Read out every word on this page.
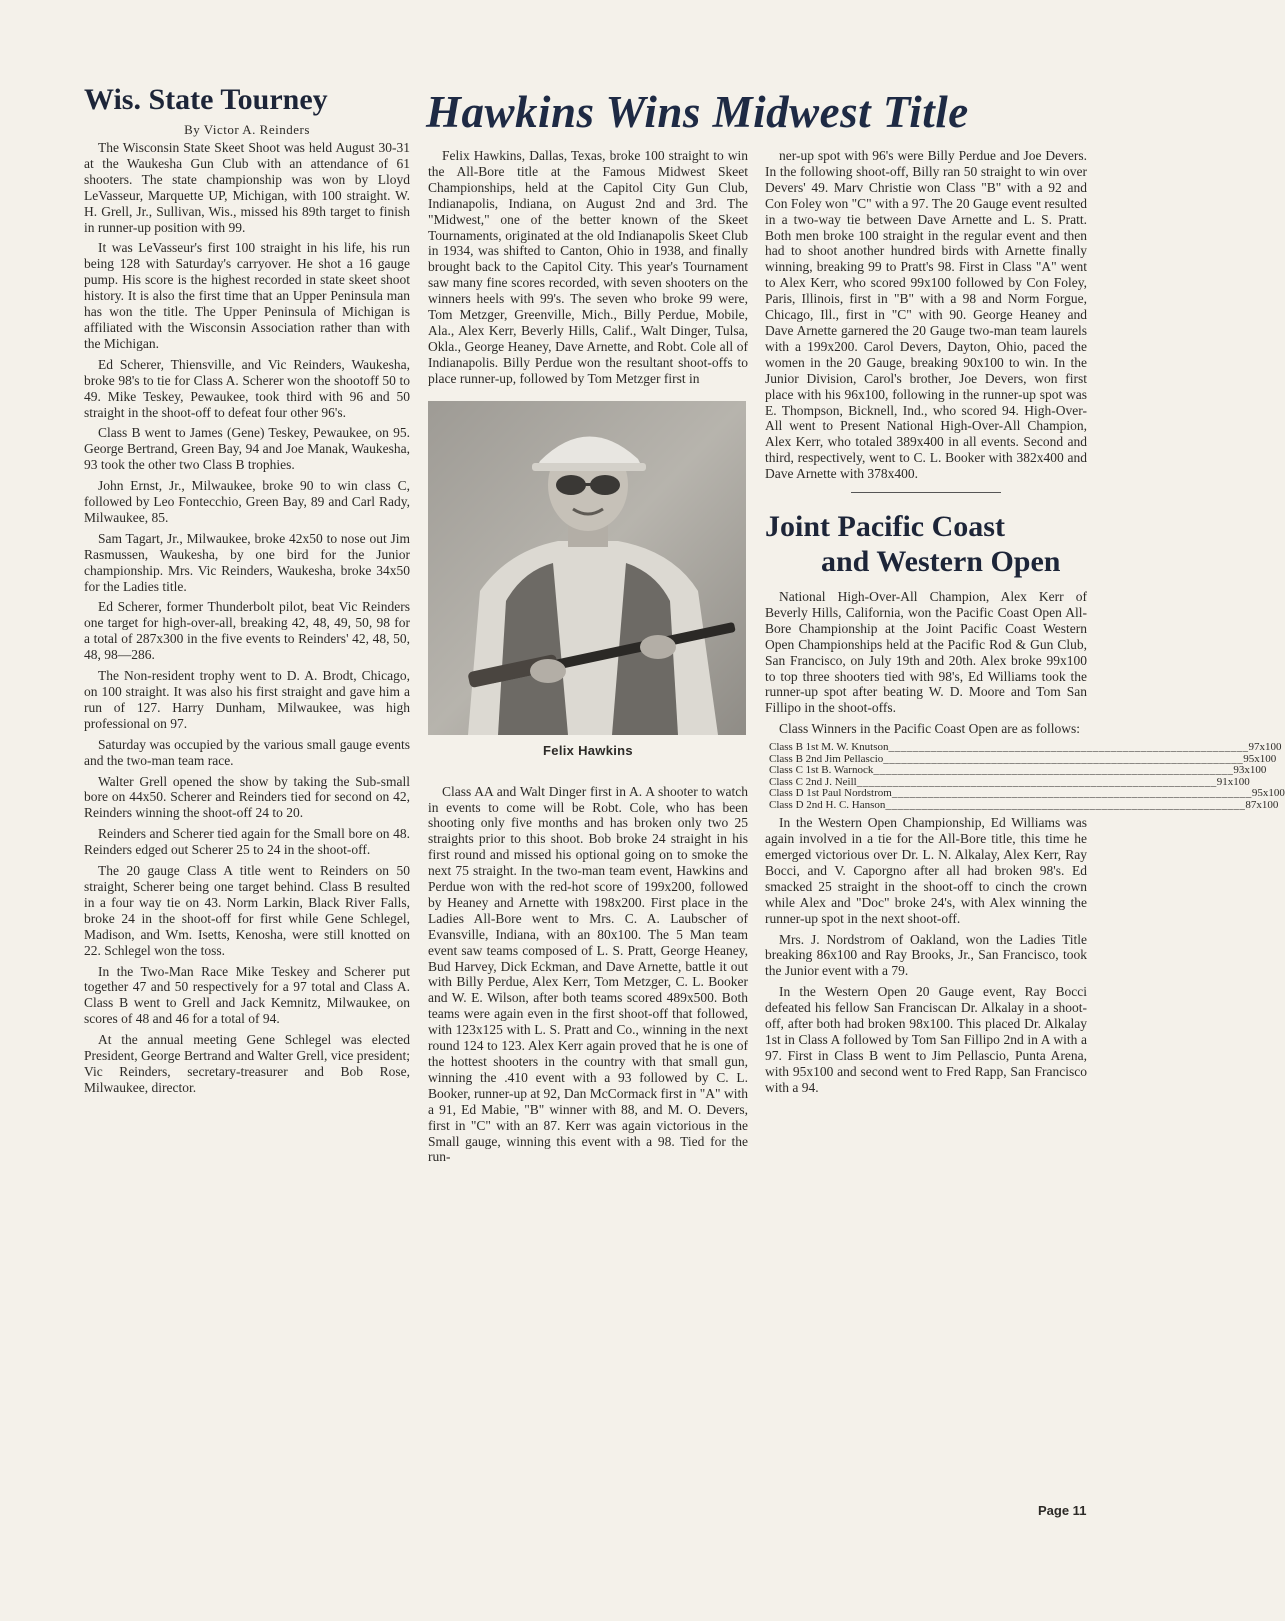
Hawkins Wins Midwest Title
Wis. State Tourney
By Victor A. Reinders

The Wisconsin State Skeet Shoot was held August 30-31 at the Waukesha Gun Club with an attendance of 61 shooters. The state championship was won by Lloyd LeVasseur, Marquette UP, Michigan, with 100 straight. W. H. Grell, Jr., Sullivan, Wis., missed his 89th target to finish in runner-up position with 99.

It was LeVasseur's first 100 straight in his life, his run being 128 with Saturday's carryover. He shot a 16 gauge pump. His score is the highest recorded in state skeet shoot history. It is also the first time that an Upper Peninsula man has won the title. The Upper Peninsula of Michigan is affiliated with the Wisconsin Association rather than with the Michigan.

Ed Scherer, Thiensville, and Vic Reinders, Waukesha, broke 98's to tie for Class A. Scherer won the shootoff 50 to 49. Mike Teskey, Pewaukee, took third with 96 and 50 straight in the shoot-off to defeat four other 96's.

Class B went to James (Gene) Teskey, Pewaukee, on 95. George Bertrand, Green Bay, 94 and Joe Manak, Waukesha, 93 took the other two Class B trophies.

John Ernst, Jr., Milwaukee, broke 90 to win class C, followed by Leo Fontecchio, Green Bay, 89 and Carl Rady, Milwaukee, 85.

Sam Tagart, Jr., Milwaukee, broke 42x50 to nose out Jim Rasmussen, Waukesha, by one bird for the Junior championship. Mrs. Vic Reinders, Waukesha, broke 34x50 for the Ladies title.

Ed Scherer, former Thunderbolt pilot, beat Vic Reinders one target for high-over-all, breaking 42, 48, 49, 50, 98 for a total of 287x300 in the five events to Reinders' 42, 48, 50, 48, 98—286.

The Non-resident trophy went to D. A. Brodt, Chicago, on 100 straight. It was also his first straight and gave him a run of 127. Harry Dunham, Milwaukee, was high professional on 97.

Saturday was occupied by the various small gauge events and the two-man team race.

Walter Grell opened the show by taking the Sub-small bore on 44x50. Scherer and Reinders tied for second on 42, Reinders winning the shoot-off 24 to 20.

Reinders and Scherer tied again for the Small bore on 48. Reinders edged out Scherer 25 to 24 in the shoot-off.

The 20 gauge Class A title went to Reinders on 50 straight, Scherer being one target behind. Class B resulted in a four way tie on 43. Norm Larkin, Black River Falls, broke 24 in the shoot-off for first while Gene Schlegel, Madison, and Wm. Isetts, Kenosha, were still knotted on 22. Schlegel won the toss.

In the Two-Man Race Mike Teskey and Scherer put together 47 and 50 respectively for a 97 total and Class A. Class B went to Grell and Jack Kemnitz, Milwaukee, on scores of 48 and 46 for a total of 94.

At the annual meeting Gene Schlegel was elected President, George Bertrand and Walter Grell, vice president; Vic Reinders, secretary-treasurer and Bob Rose, Milwaukee, director.

Felix Hawkins, Dallas, Texas, broke 100 straight to win the All-Bore title at the Famous Midwest Skeet Championships, held at the Capitol City Gun Club, Indianapolis, Indiana, on August 2nd and 3rd. The "Midwest," one of the better known of the Skeet Tournaments, originated at the old Indianapolis Skeet Club in 1934, was shifted to Canton, Ohio in 1938, and finally brought back to the Capitol City. This year's Tournament saw many fine scores recorded, with seven shooters on the winners heels with 99's. The seven who broke 99 were, Tom Metzger, Greenville, Mich., Billy Perdue, Mobile, Ala., Alex Kerr, Beverly Hills, Calif., Walt Dinger, Tulsa, Okla., George Heaney, Dave Arnette, and Robt. Cole all of Indianapolis. Billy Perdue won the resultant shoot-offs to place runner-up, followed by Tom Metzger first in

Felix Hawkins

Class AA and Walt Dinger first in A. A shooter to watch in events to come will be Robt. Cole, who has been shooting only five months and has broken only two 25 straights prior to this shoot. Bob broke 24 straight in his first round and missed his optional going on to smoke the next 75 straight. In the two-man team event, Hawkins and Perdue won with the red-hot score of 199x200, followed by Heaney and Arnette with 198x200. First place in the Ladies All-Bore went to Mrs. C. A. Laubscher of Evansville, Indiana, with an 80x100. The 5 Man team event saw teams composed of L. S. Pratt, George Heaney, Bud Harvey, Dick Eckman, and Dave Arnette, battle it out with Billy Perdue, Alex Kerr, Tom Metzger, C. L. Booker and W. E. Wilson, after both teams scored 489x500. Both teams were again even in the first shoot-off that followed, with 123x125 with L. S. Pratt and Co., winning in the next round 124 to 123. Alex Kerr again proved that he is one of the hottest shooters in the country with that small gun, winning the .410 event with a 93 followed by C. L. Booker, runner-up at 92, Dan McCormack first in "A" with a 91, Ed Mabie, "B" winner with 88, and M. O. Devers, first in "C" with an 87. Kerr was again victorious in the Small gauge, winning this event with a 98. Tied for the run-

ner-up spot with 96's were Billy Perdue and Joe Devers. In the following shoot-off, Billy ran 50 straight to win over Devers' 49. Marv Christie won Class "B" with a 92 and Con Foley won "C" with a 97. The 20 Gauge event resulted in a two-way tie between Dave Arnette and L. S. Pratt. Both men broke 100 straight in the regular event and then had to shoot another hundred birds with Arnette finally winning, breaking 99 to Pratt's 98. First in Class "A" went to Alex Kerr, who scored 99x100 followed by Con Foley, Paris, Illinois, first in "B" with a 98 and Norm Forgue, Chicago, Ill., first in "C" with 90. George Heaney and Dave Arnette garnered the 20 Gauge two-man team laurels with a 199x200. Carol Devers, Dayton, Ohio, paced the women in the 20 Gauge, breaking 90x100 to win. In the Junior Division, Carol's brother, Joe Devers, won first place with his 96x100, following in the runner-up spot was E. Thompson, Bicknell, Ind., who scored 94. High-Over-All went to Present National High-Over-All Champion, Alex Kerr, who totaled 389x400 in all events. Second and third, respectively, went to C. L. Booker with 382x400 and Dave Arnette with 378x400.

Joint Pacific Coast
and Western Open

National High-Over-All Champion, Alex Kerr of Beverly Hills, California, won the Pacific Coast Open All-Bore Championship at the Joint Pacific Coast Western Open Championships held at the Pacific Rod & Gun Club, San Francisco, on July 19th and 20th. Alex broke 99x100 to top three shooters tied with 98's, Ed Williams took the runner-up spot after beating W. D. Moore and Tom San Fillipo in the shoot-offs.

Class Winners in the Pacific Coast Open are as follows:

Class B 1st M. W. Knutson ____________________________________________________________ 97x100
Class B 2nd Jim Pellascio ____________________________________________________________ 95x100
Class C 1st B. Warnock ____________________________________________________________ 93x100
Class C 2nd J. Neill ____________________________________________________________ 91x100
Class D 1st Paul Nordstrom ____________________________________________________________ 95x100
Class D 2nd H. C. Hanson ____________________________________________________________ 87x100

In the Western Open Championship, Ed Williams was again involved in a tie for the All-Bore title, this time he emerged victorious over Dr. L. N. Alkalay, Alex Kerr, Ray Bocci, and V. Caporgno after all had broken 98's. Ed smacked 25 straight in the shoot-off to cinch the crown while Alex and "Doc" broke 24's, with Alex winning the runner-up spot in the next shoot-off.

Mrs. J. Nordstrom of Oakland, won the Ladies Title breaking 86x100 and Ray Brooks, Jr., San Francisco, took the Junior event with a 79.

In the Western Open 20 Gauge event, Ray Bocci defeated his fellow San Franciscan Dr. Alkalay in a shoot-off, after both had broken 98x100. This placed Dr. Alkalay 1st in Class A followed by Tom San Fillipo 2nd in A with a 97. First in Class B went to Jim Pellascio, Punta Arena, with 95x100 and second went to Fred Rapp, San Francisco with a 94.

Page 11
